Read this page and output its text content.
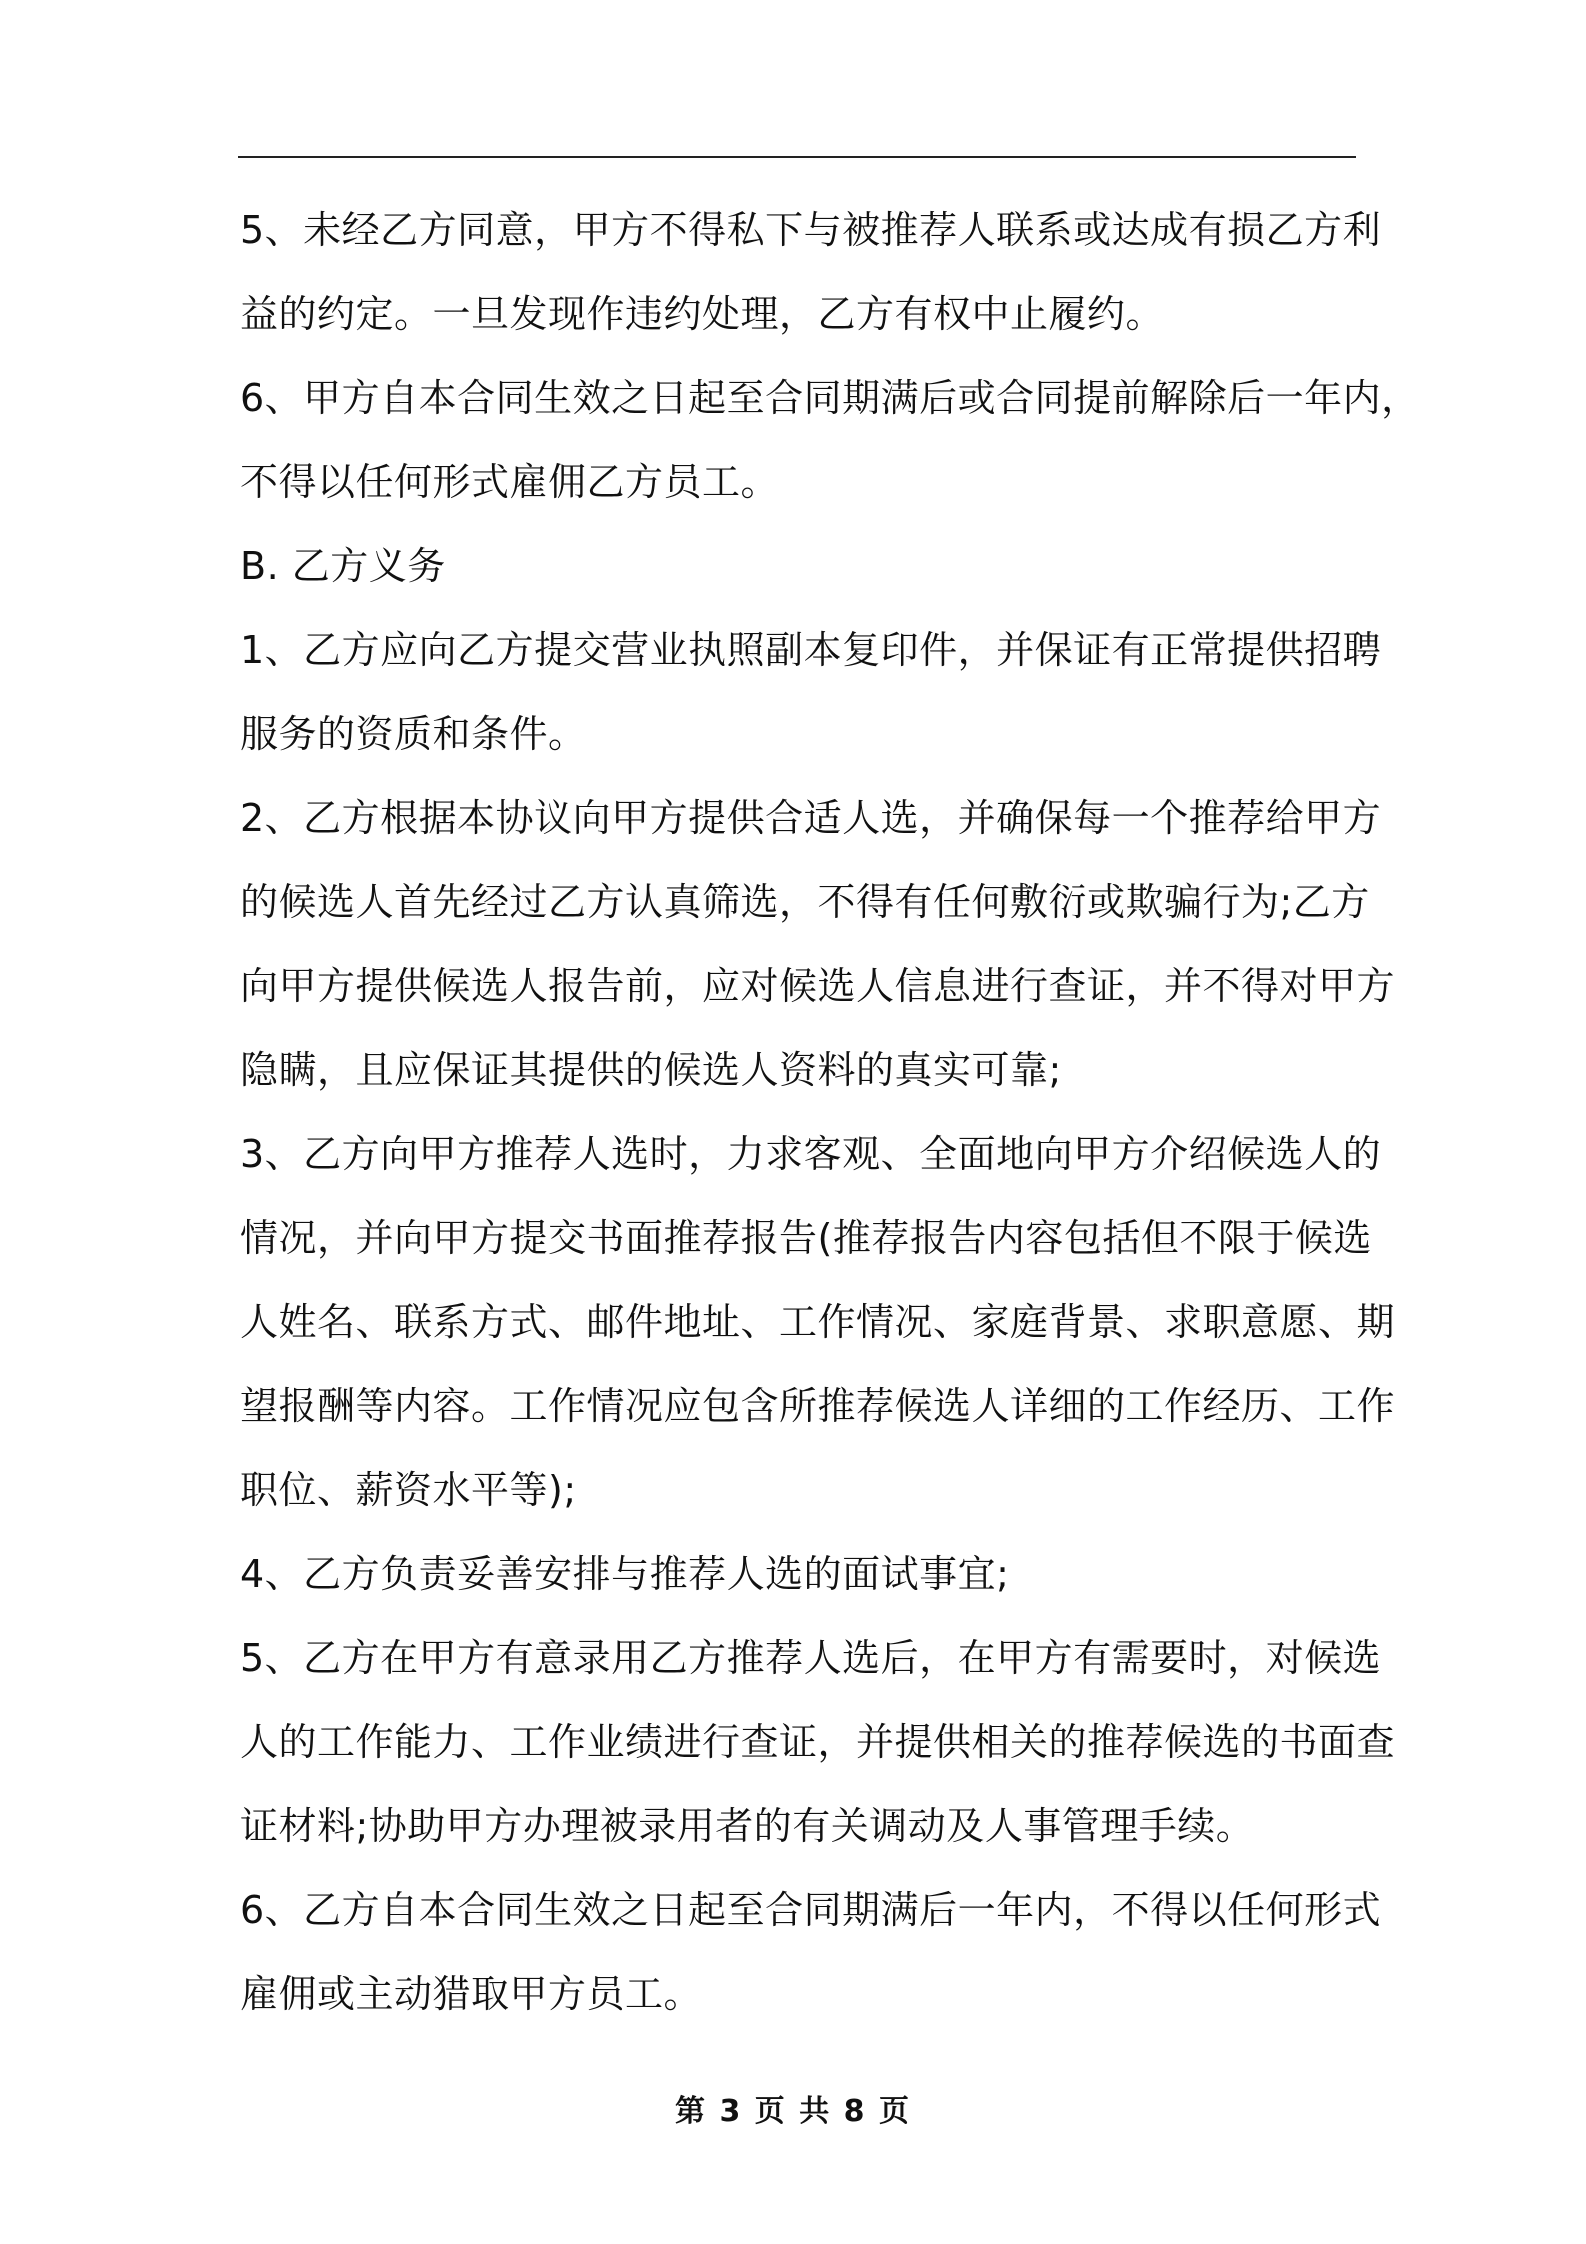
5、未经乙方同意，甲方不得私下与被推荐人联系或达成有损乙方利
益的约定。一旦发现作违约处理，乙方有权中止履约。
6、甲方自本合同生效之日起至合同期满后或合同提前解除后一年内，
不得以任何形式雇佣乙方员工。
B. 乙方义务
1、乙方应向乙方提交营业执照副本复印件，并保证有正常提供招聘
服务的资质和条件。
2、乙方根据本协议向甲方提供合适人选，并确保每一个推荐给甲方
的候选人首先经过乙方认真筛选，不得有任何敷衍或欺骗行为;乙方
向甲方提供候选人报告前，应对候选人信息进行查证，并不得对甲方
隐瞒，且应保证其提供的候选人资料的真实可靠;
3、乙方向甲方推荐人选时，力求客观、全面地向甲方介绍候选人的
情况，并向甲方提交书面推荐报告(推荐报告内容包括但不限于候选
人姓名、联系方式、邮件地址、工作情况、家庭背景、求职意愿、期
望报酬等内容。工作情况应包含所推荐候选人详细的工作经历、工作
职位、薪资水平等);
4、乙方负责妥善安排与推荐人选的面试事宜;
5、乙方在甲方有意录用乙方推荐人选后，在甲方有需要时，对候选
人的工作能力、工作业绩进行查证，并提供相关的推荐候选的书面查
证材料;协助甲方办理被录用者的有关调动及人事管理手续。
6、乙方自本合同生效之日起至合同期满后一年内，不得以任何形式
雇佣或主动猎取甲方员工。
第 3 页 共 8 页
